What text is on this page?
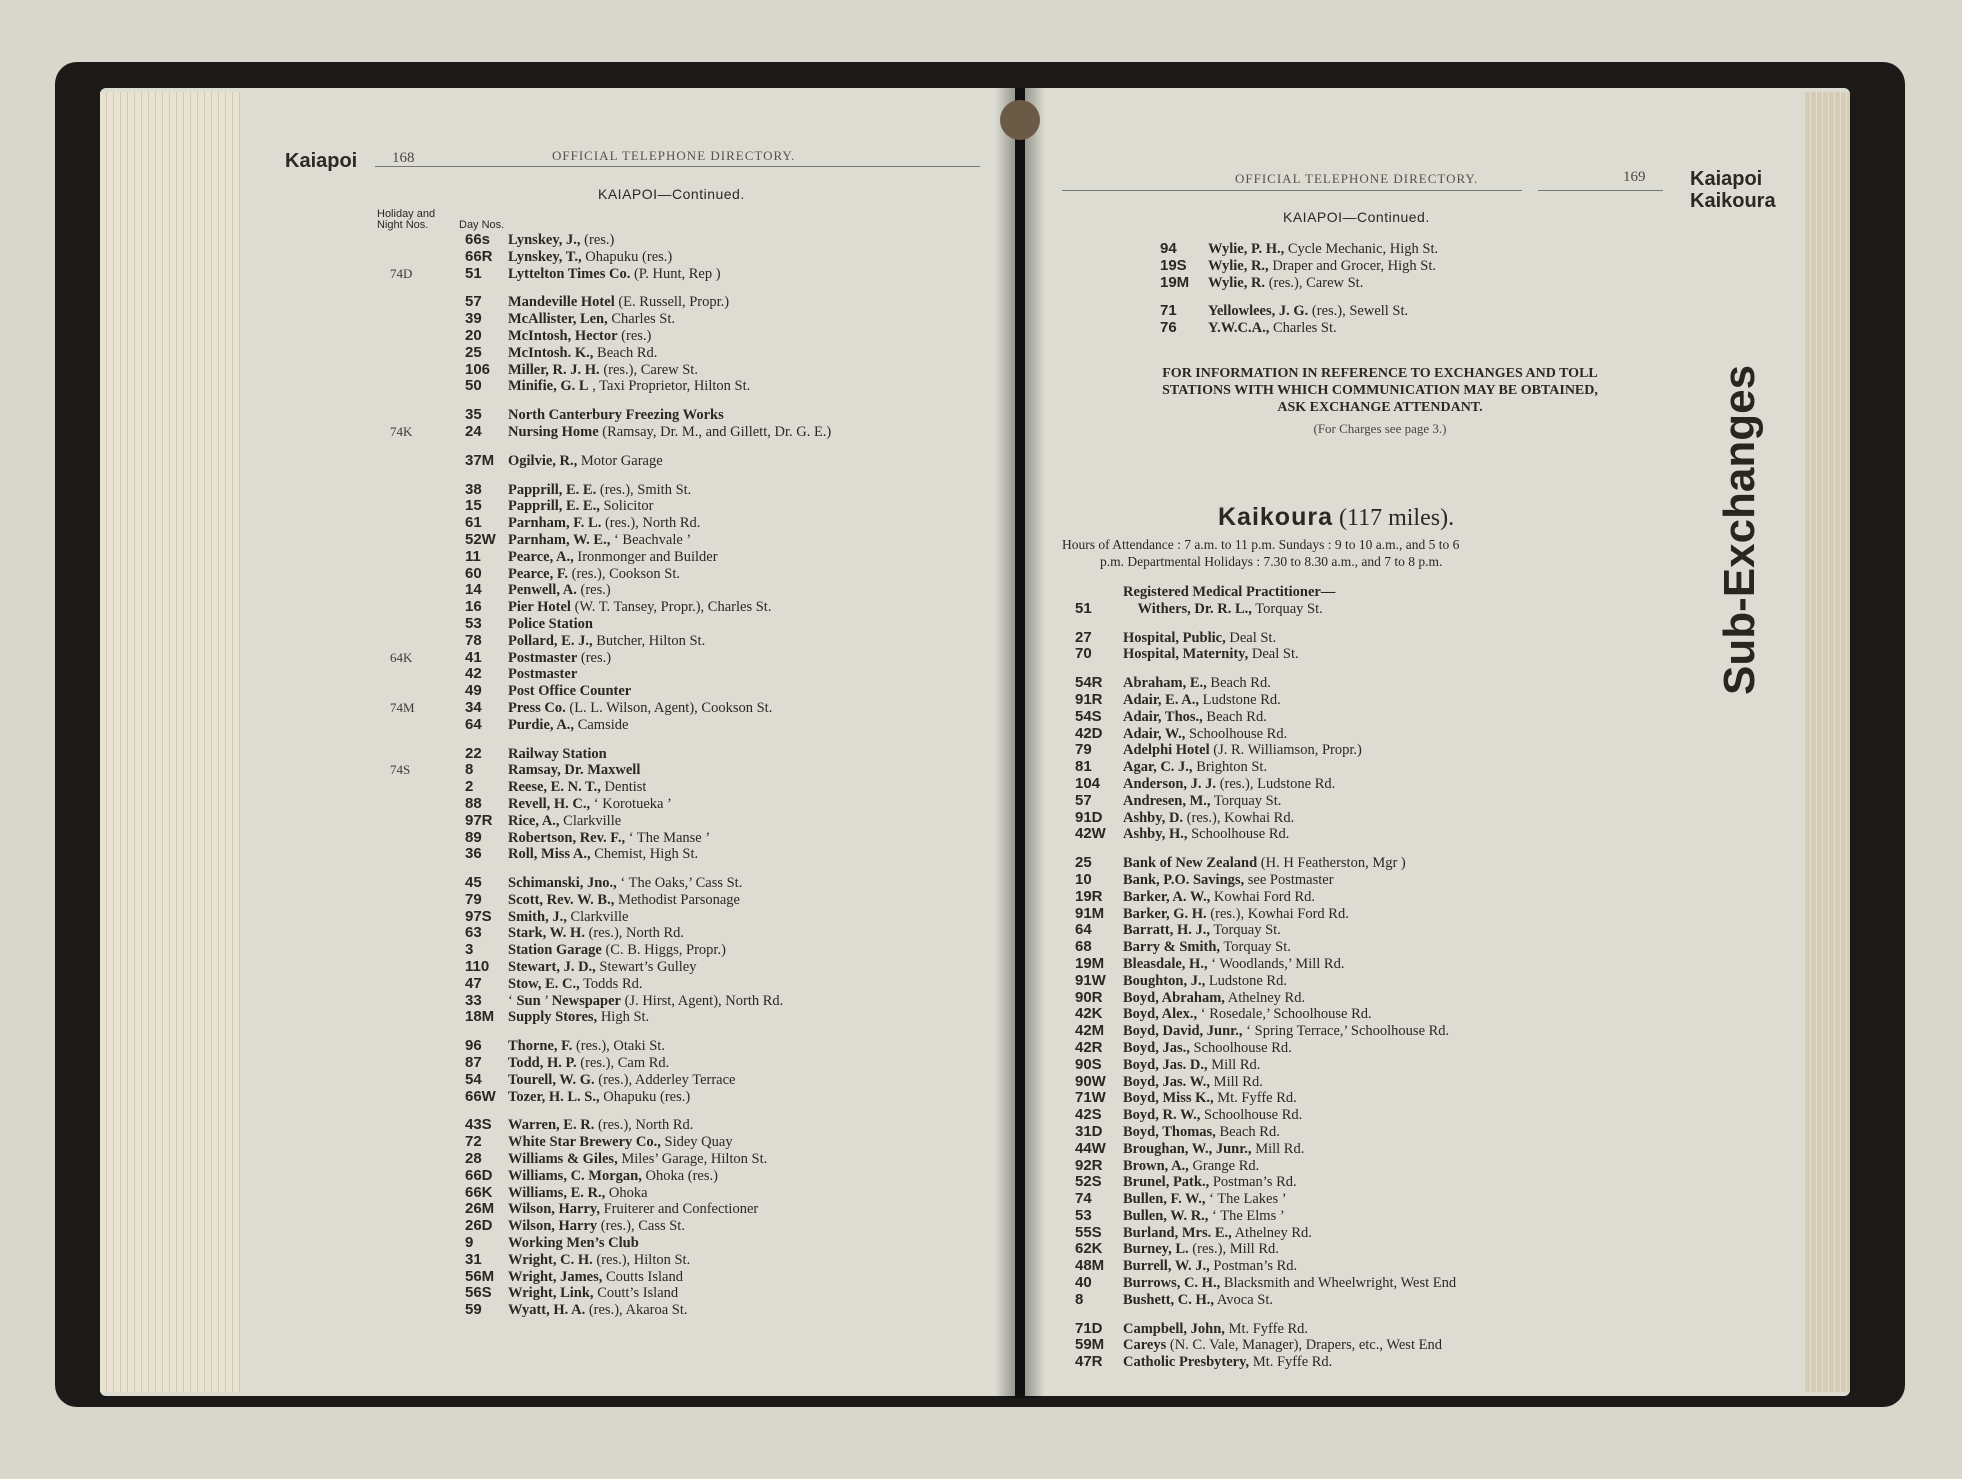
Kaiapoi 168	OFFICIAL TELEPHONE DIRECTORY.
KAIAPOI—Continued.
Holiday and
Night Nos.	Day Nos.
66s	Lynskey, J., (res.)
66R	Lynskey, T., Ohapuku (res.)
74D	51	Lyttelton Times Co. (P. Hunt, Rep )
57	Mandeville Hotel (E. Russell, Propr.)
39	McAllister, Len, Charles St.
20	McIntosh, Hector (res.)
25	McIntosh. K., Beach Rd.
106	Miller, R. J. H. (res.), Carew St.
50	Minifie, G. L , Taxi Proprietor, Hilton St.
35	North Canterbury Freezing Works
74K	24	Nursing Home (Ramsay, Dr. M., and Gillett, Dr. G. E.)
37M Ogilvie, R., Motor Garage
38	Papprill, E. E. (res.), Smith St.
15	Papprill, E. E., Solicitor
61	Parnham, F. L. (res.), North Rd.
52W Parnham, W. E., ‘ Beachvale ’
11	Pearce, A., Ironmonger and Builder
60	Pearce, F. (res.), Cookson St.
14	Penwell, A. (res.)
16	Pier Hotel (W. T. Tansey, Propr.), Charles St.
53	Police Station
78	Pollard, E. J., Butcher, Hilton St.
64K	41	Postmaster (res.)
42	Postmaster
49	Post Office Counter
74M	34	Press Co. (L. L. Wilson, Agent), Cookson St.
64	Purdie, A., Camside
22	Railway Station
74S	8	Ramsay, Dr. Maxwell
2	Reese, E. N. T., Dentist
88	Revell, H. C., ‘ Korotueka ’
97R	Rice, A., Clarkville
89	Robertson, Rev. F., ‘ The Manse ’
36	Roll, Miss A., Chemist, High St.
45	Schimanski, Jno., ‘ The Oaks,’ Cass St.
79	Scott, Rev. W. B., Methodist Parsonage
97S	Smith, J., Clarkville
63	Stark, W. H. (res.), North Rd.
3	Station Garage (C. B. Higgs, Propr.)
110	Stewart, J. D., Stewart’s Gulley
47	Stow, E. C., Todds Rd.
33	‘ Sun ’ Newspaper (J. Hirst, Agent), North Rd.
18M Supply Stores, High St.
96	Thorne, F. (res.), Otaki St.
87	Todd, H. P. (res.), Cam Rd.
54	Tourell, W. G. (res.), Adderley Terrace
66W Tozer, H. L. S., Ohapuku (res.)
43S	Warren, E. R. (res.), North Rd.
72	White Star Brewery Co., Sidey Quay
28	Williams & Giles, Miles’ Garage, Hilton St.
66D	Williams, C. Morgan, Ohoka (res.)
66K	Williams, E. R., Ohoka
26M Wilson, Harry, Fruiterer and Confectioner
26D	Wilson, Harry (res.), Cass St.
9	Working Men’s Club
31	Wright, C. H. (res.), Hilton St.
56M Wright, James, Coutts Island
56S	Wright, Link, Coutt’s Island
59	Wyatt, H. A. (res.), Akaroa St.
OFFICIAL TELEPHONE DIRECTORY.	169 Kaiapoi
Kaikoura
KAIAPOI—Continued.
94	Wylie, P. H., Cycle Mechanic, High St.
19S	Wylie, R., Draper and Grocer, High St.
19M	Wylie, R. (res.), Carew St.
71	Yellowlees, J. G. (res.), Sewell St.
76	Y.W.C.A., Charles St.
FOR INFORMATION IN REFERENCE TO EXCHANGES AND TOLL
STATIONS WITH WHICH COMMUNICATION MAY BE OBTAINED,
ASK EXCHANGE ATTENDANT.
(For Charges see page 3.)
Kaikoura (117 miles).
Hours of Attendance : 7 a.m. to 11 p.m. Sundays : 9 to 10 a.m., and 5 to 6
p.m. Departmental Holidays : 7.30 to 8.30 a.m., and 7 to 8 p.m.
Registered Medical Practitioner—
51	Withers, Dr. R. L., Torquay St.
27	Hospital, Public, Deal St.
70	Hospital, Maternity, Deal St.
54R	Abraham, E., Beach Rd.
91R	Adair, E. A., Ludstone Rd.
54S	Adair, Thos., Beach Rd.
42D	Adair, W., Schoolhouse Rd.
79	Adelphi Hotel (J. R. Williamson, Propr.)
81	Agar, C. J., Brighton St.
104	Anderson, J. J. (res.), Ludstone Rd.
57	Andresen, M., Torquay St.
91D	Ashby, D. (res.), Kowhai Rd.
42W	Ashby, H., Schoolhouse Rd.
25	Bank of New Zealand (H. H Featherston, Mgr )
10	Bank, P.O. Savings, see Postmaster
19R	Barker, A. W., Kowhai Ford Rd.
91M	Barker, G. H. (res.), Kowhai Ford Rd.
64	Barratt, H. J., Torquay St.
68	Barry & Smith, Torquay St.
19M	Bleasdale, H., ‘ Woodlands,’ Mill Rd.
91W	Boughton, J., Ludstone Rd.
90R	Boyd, Abraham, Athelney Rd.
42K	Boyd, Alex., ‘ Rosedale,’ Schoolhouse Rd.
42M	Boyd, David, Junr., ‘ Spring Terrace,’ Schoolhouse Rd.
42R	Boyd, Jas., Schoolhouse Rd.
90S	Boyd, Jas. D., Mill Rd.
90W	Boyd, Jas. W., Mill Rd.
71W	Boyd, Miss K., Mt. Fyffe Rd.
42S	Boyd, R. W., Schoolhouse Rd.
31D	Boyd, Thomas, Beach Rd.
44W	Broughan, W., Junr., Mill Rd.
92R	Brown, A., Grange Rd.
52S	Brunel, Patk., Postman’s Rd.
74	Bullen, F. W., ‘ The Lakes ’
53	Bullen, W. R., ‘ The Elms ’
55S	Burland, Mrs. E., Athelney Rd.
62K	Burney, L. (res.), Mill Rd.
48M	Burrell, W. J., Postman’s Rd.
40	Burrows, C. H., Blacksmith and Wheelwright, West End
8	Bushett, C. H., Avoca St.
71D	Campbell, John, Mt. Fyffe Rd.
59M	Careys (N. C. Vale, Manager), Drapers, etc., West End
47R	Catholic Presbytery, Mt. Fyffe Rd.
Sub-Exchanges
